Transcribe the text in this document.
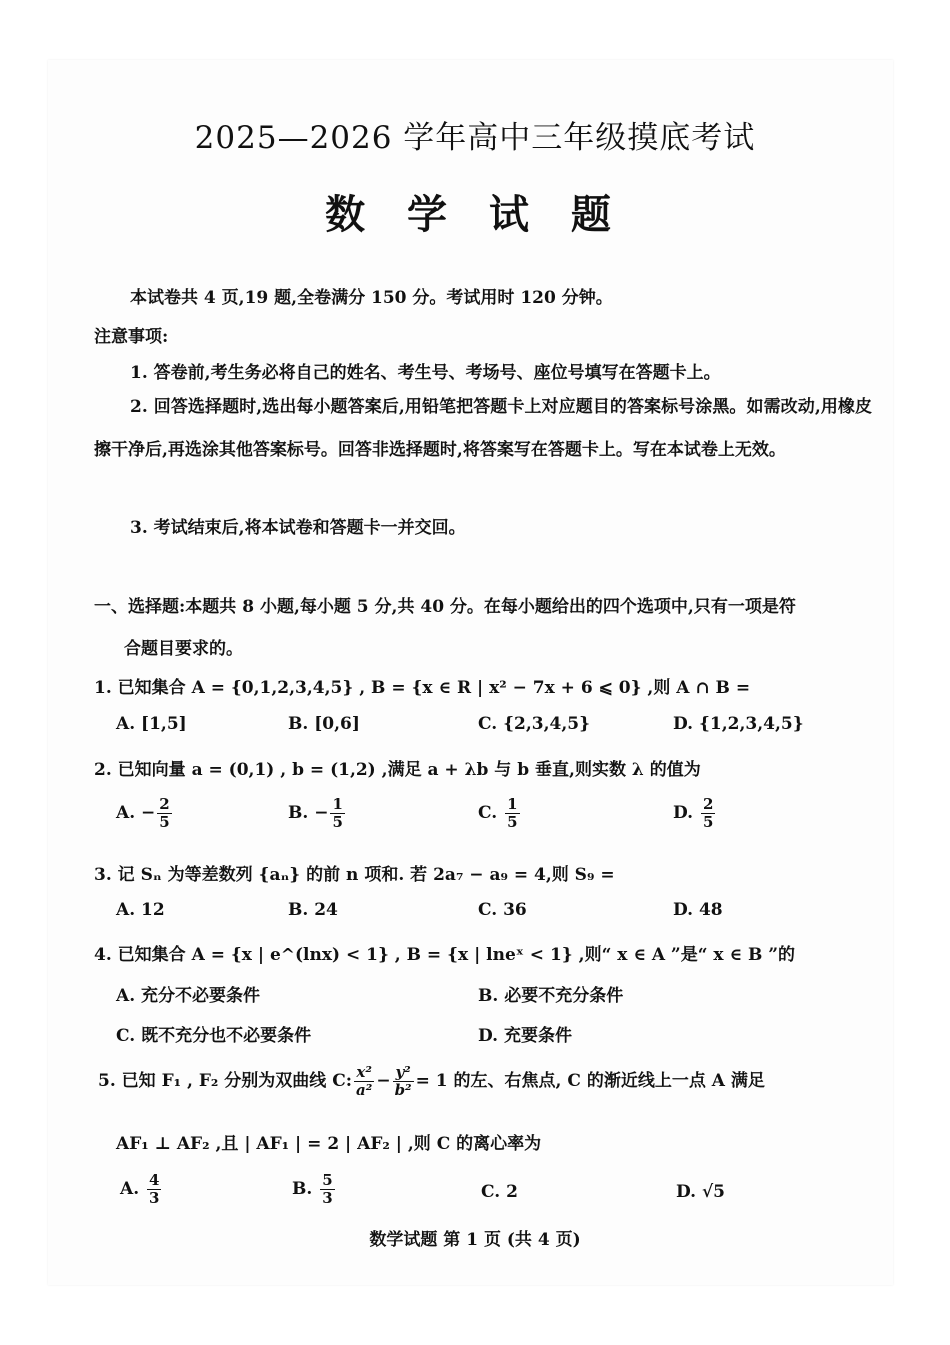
2025—2026 学年高中三年级摸底考试
数 学 试 题
本试卷共 4 页,19 题,全卷满分 150 分。考试用时 120 分钟。
注意事项:
1. 答卷前,考生务必将自己的姓名、考生号、考场号、座位号填写在答题卡上。
2. 回答选择题时,选出每小题答案后,用铅笔把答题卡上对应题目的答案标号涂黑。如需改动,用橡皮擦干净后,再选涂其他答案标号。回答非选择题时,将答案写在答题卡上。写在本试卷上无效。
3. 考试结束后,将本试卷和答题卡一并交回。
一、选择题:本题共 8 小题,每小题 5 分,共 40 分。在每小题给出的四个选项中,只有一项是符
合题目要求的。
1. 已知集合 A = {0,1,2,3,4,5} , B = {x ∈ R | x² − 7x + 6 ⩽ 0} ,则 A ∩ B =
A. [1,5]	B. [0,6]	C. {2,3,4,5}	D. {1,2,3,4,5}
2. 已知向量 a = (0,1) , b = (1,2) ,满足 a + λb 与 b 垂直,则实数 λ 的值为
A. − $\frac{2}{5}$	B. − $\frac{1}{5}$	C. $\frac{1}{5}$	D. $\frac{2}{5}$
3. 记 Sₙ 为等差数列 {aₙ} 的前 n 项和. 若 2a₇ − a₉ = 4,则 S₉ =
A. 12	B. 24	C. 36	D. 48
4. 已知集合 A = {x | e^(lnx) < 1} , B = {x | lneˣ < 1} ,则“ x ∈ A ”是“ x ∈ B ”的
A. 充分不必要条件	B. 必要不充分条件
C. 既不充分也不必要条件	D. 充要条件
5. 已知 F₁ , F₂ 分别为双曲线 C: $\frac{\text{x²}}{\text{a²}} - \frac{\text{y²}}{\text{b²}} = 1$ 的左、右焦点, C 的渐近线上一点 A 满足
AF₁ ⊥ AF₂ ,且 | AF₁ | = 2 | AF₂ | ,则 C 的离心率为
A. $\frac{4}{3}$	B. $\frac{5}{3}$	C. 2	D. √5
数学试题 第 1 页 (共 4 页)
